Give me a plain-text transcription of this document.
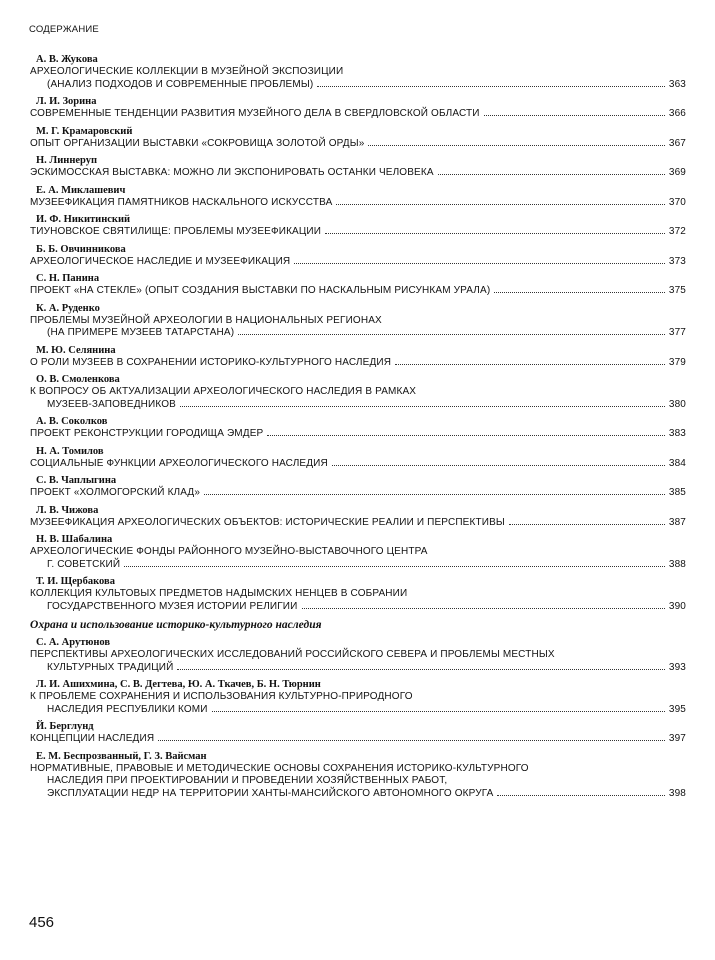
СОДЕРЖАНИЕ
А. В. Жукова
АРХЕОЛОГИЧЕСКИЕ КОЛЛЕКЦИИ В МУЗЕЙНОЙ ЭКСПОЗИЦИИ
(АНАЛИЗ ПОДХОДОВ И СОВРЕМЕННЫЕ ПРОБЛЕМЫ)	363
Л. И. Зорина
СОВРЕМЕННЫЕ ТЕНДЕНЦИИ РАЗВИТИЯ МУЗЕЙНОГО ДЕЛА В СВЕРДЛОВСКОЙ ОБЛАСТИ	366
М. Г. Крамаровский
ОПЫТ ОРГАНИЗАЦИИ ВЫСТАВКИ «СОКРОВИЩА ЗОЛОТОЙ ОРДЫ»	367
Н. Линнеруп
ЭСКИМОССКАЯ ВЫСТАВКА: МОЖНО ЛИ ЭКСПОНИРОВАТЬ ОСТАНКИ ЧЕЛОВЕКА	369
Е. А. Миклашевич
МУЗЕЕФИКАЦИЯ ПАМЯТНИКОВ НАСКАЛЬНОГО ИСКУССТВА	370
И. Ф. Никитинский
ТИУНОВСКОЕ СВЯТИЛИЩЕ: ПРОБЛЕМЫ МУЗЕЕФИКАЦИИ	372
Б. Б. Овчинникова
АРХЕОЛОГИЧЕСКОЕ НАСЛЕДИЕ И МУЗЕЕФИКАЦИЯ	373
С. Н. Панина
ПРОЕКТ «НА СТЕКЛЕ» (ОПЫТ СОЗДАНИЯ ВЫСТАВКИ ПО НАСКАЛЬНЫМ РИСУНКАМ УРАЛА)	375
К. А. Руденко
ПРОБЛЕМЫ МУЗЕЙНОЙ АРХЕОЛОГИИ В НАЦИОНАЛЬНЫХ РЕГИОНАХ
(НА ПРИМЕРЕ МУЗЕЕВ ТАТАРСТАНА)	377
М. Ю. Селянина
О РОЛИ МУЗЕЕВ В СОХРАНЕНИИ ИСТОРИКО-КУЛЬТУРНОГО НАСЛЕДИЯ	379
О. В. Смоленкова
К ВОПРОСУ ОБ АКТУАЛИЗАЦИИ АРХЕОЛОГИЧЕСКОГО НАСЛЕДИЯ В РАМКАХ
МУЗЕЕВ-ЗАПОВЕДНИКОВ	380
А. В. Соколков
ПРОЕКТ РЕКОНСТРУКЦИИ ГОРОДИЩА ЭМДЕР	383
Н. А. Томилов
СОЦИАЛЬНЫЕ ФУНКЦИИ АРХЕОЛОГИЧЕСКОГО НАСЛЕДИЯ	384
С. В. Чаплыгина
ПРОЕКТ «ХОЛМОГОРСКИЙ КЛАД»	385
Л. В. Чижова
МУЗЕЕФИКАЦИЯ АРХЕОЛОГИЧЕСКИХ ОБЪЕКТОВ: ИСТОРИЧЕСКИЕ РЕАЛИИ И ПЕРСПЕКТИВЫ	387
Н. В. Шабалина
АРХЕОЛОГИЧЕСКИЕ ФОНДЫ РАЙОННОГО МУЗЕЙНО-ВЫСТАВОЧНОГО ЦЕНТРА
Г. СОВЕТСКИЙ	388
Т. И. Щербакова
КОЛЛЕКЦИЯ КУЛЬТОВЫХ ПРЕДМЕТОВ НАДЫМСКИХ НЕНЦЕВ В СОБРАНИИ
ГОСУДАРСТВЕННОГО МУЗЕЯ ИСТОРИИ РЕЛИГИИ	390
Охрана и использование историко-культурного наследия
С. А. Арутюнов
ПЕРСПЕКТИВЫ АРХЕОЛОГИЧЕСКИХ ИССЛЕДОВАНИЙ РОССИЙСКОГО СЕВЕРА И ПРОБЛЕМЫ МЕСТНЫХ
КУЛЬТУРНЫХ ТРАДИЦИЙ	393
Л. И. Ашихмина, С. В. Дегтева, Ю. А. Ткачев, Б. Н. Тюрнин
К ПРОБЛЕМЕ СОХРАНЕНИЯ И ИСПОЛЬЗОВАНИЯ КУЛЬТУРНО-ПРИРОДНОГО
НАСЛЕДИЯ РЕСПУБЛИКИ КОМИ	395
Й. Берглунд
КОНЦЕПЦИИ НАСЛЕДИЯ	397
Е. М. Беспрозванный, Г. З. Вайсман
НОРМАТИВНЫЕ, ПРАВОВЫЕ И МЕТОДИЧЕСКИЕ ОСНОВЫ СОХРАНЕНИЯ ИСТОРИКО-КУЛЬТУРНОГО
НАСЛЕДИЯ ПРИ ПРОЕКТИРОВАНИИ И ПРОВЕДЕНИИ ХОЗЯЙСТВЕННЫХ РАБОТ,
ЭКСПЛУАТАЦИИ НЕДР НА ТЕРРИТОРИИ ХАНТЫ-МАНСИЙСКОГО АВТОНОМНОГО ОКРУГА	398
456
